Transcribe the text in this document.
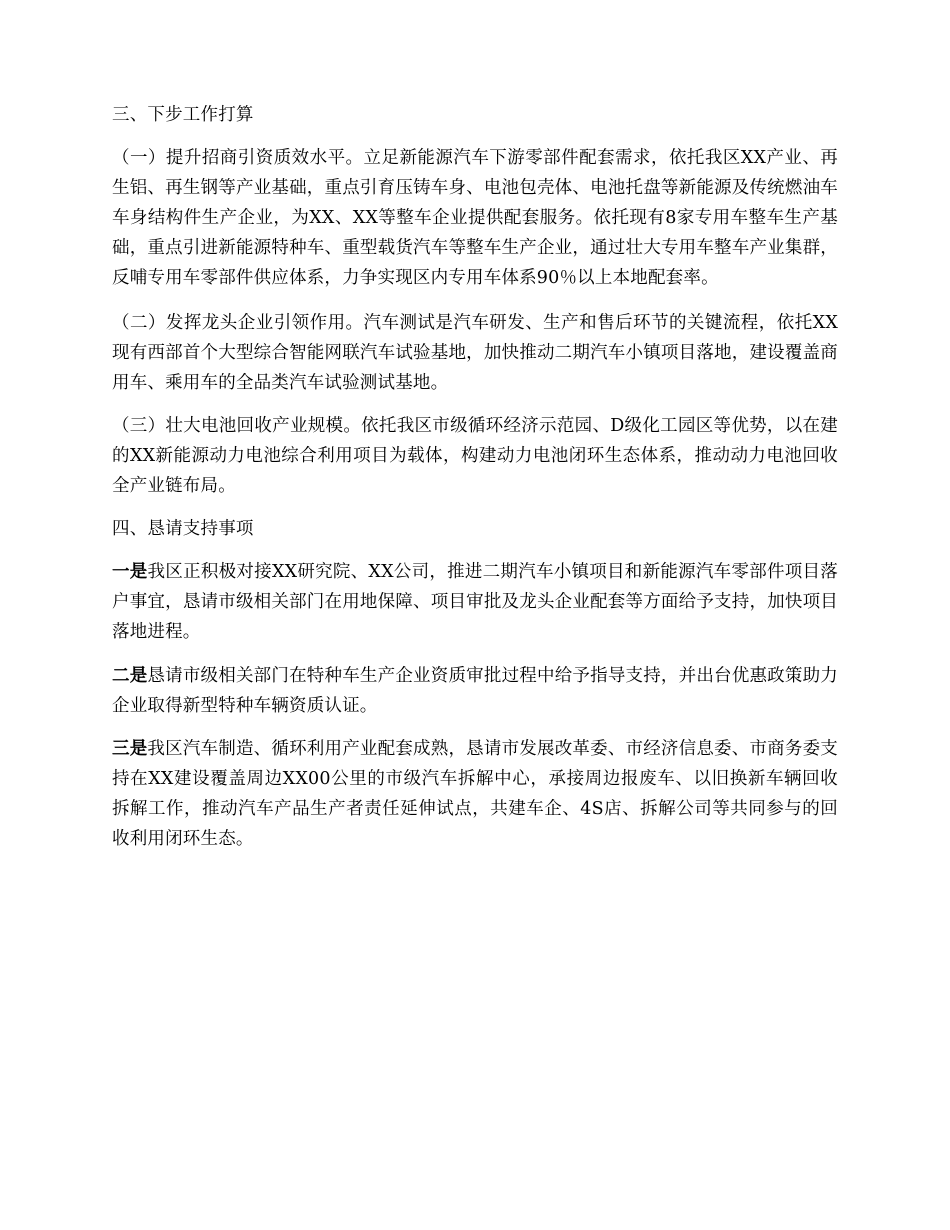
三、下步工作打算

（一）提升招商引资质效水平。立足新能源汽车下游零部件配套需求，依托我区XX产业、再生铝、再生钢等产业基础，重点引育压铸车身、电池包壳体、电池托盘等新能源及传统燃油车车身结构件生产企业，为XX、XX等整车企业提供配套服务。依托现有8家专用车整车生产基础，重点引进新能源特种车、重型载货汽车等整车生产企业，通过壮大专用车整车产业集群，反哺专用车零部件供应体系，力争实现区内专用车体系90％以上本地配套率。

（二）发挥龙头企业引领作用。汽车测试是汽车研发、生产和售后环节的关键流程，依托XX现有西部首个大型综合智能网联汽车试验基地，加快推动二期汽车小镇项目落地，建设覆盖商用车、乘用车的全品类汽车试验测试基地。

（三）壮大电池回收产业规模。依托我区市级循环经济示范园、D级化工园区等优势，以在建的XX新能源动力电池综合利用项目为载体，构建动力电池闭环生态体系，推动动力电池回收全产业链布局。

四、恳请支持事项

一是我区正积极对接XX研究院、XX公司，推进二期汽车小镇项目和新能源汽车零部件项目落户事宜，恳请市级相关部门在用地保障、项目审批及龙头企业配套等方面给予支持，加快项目落地进程。

二是恳请市级相关部门在特种车生产企业资质审批过程中给予指导支持，并出台优惠政策助力企业取得新型特种车辆资质认证。

三是我区汽车制造、循环利用产业配套成熟，恳请市发展改革委、市经济信息委、市商务委支持在XX建设覆盖周边XX00公里的市级汽车拆解中心，承接周边报废车、以旧换新车辆回收拆解工作，推动汽车产品生产者责任延伸试点，共建车企、4S店、拆解公司等共同参与的回收利用闭环生态。
